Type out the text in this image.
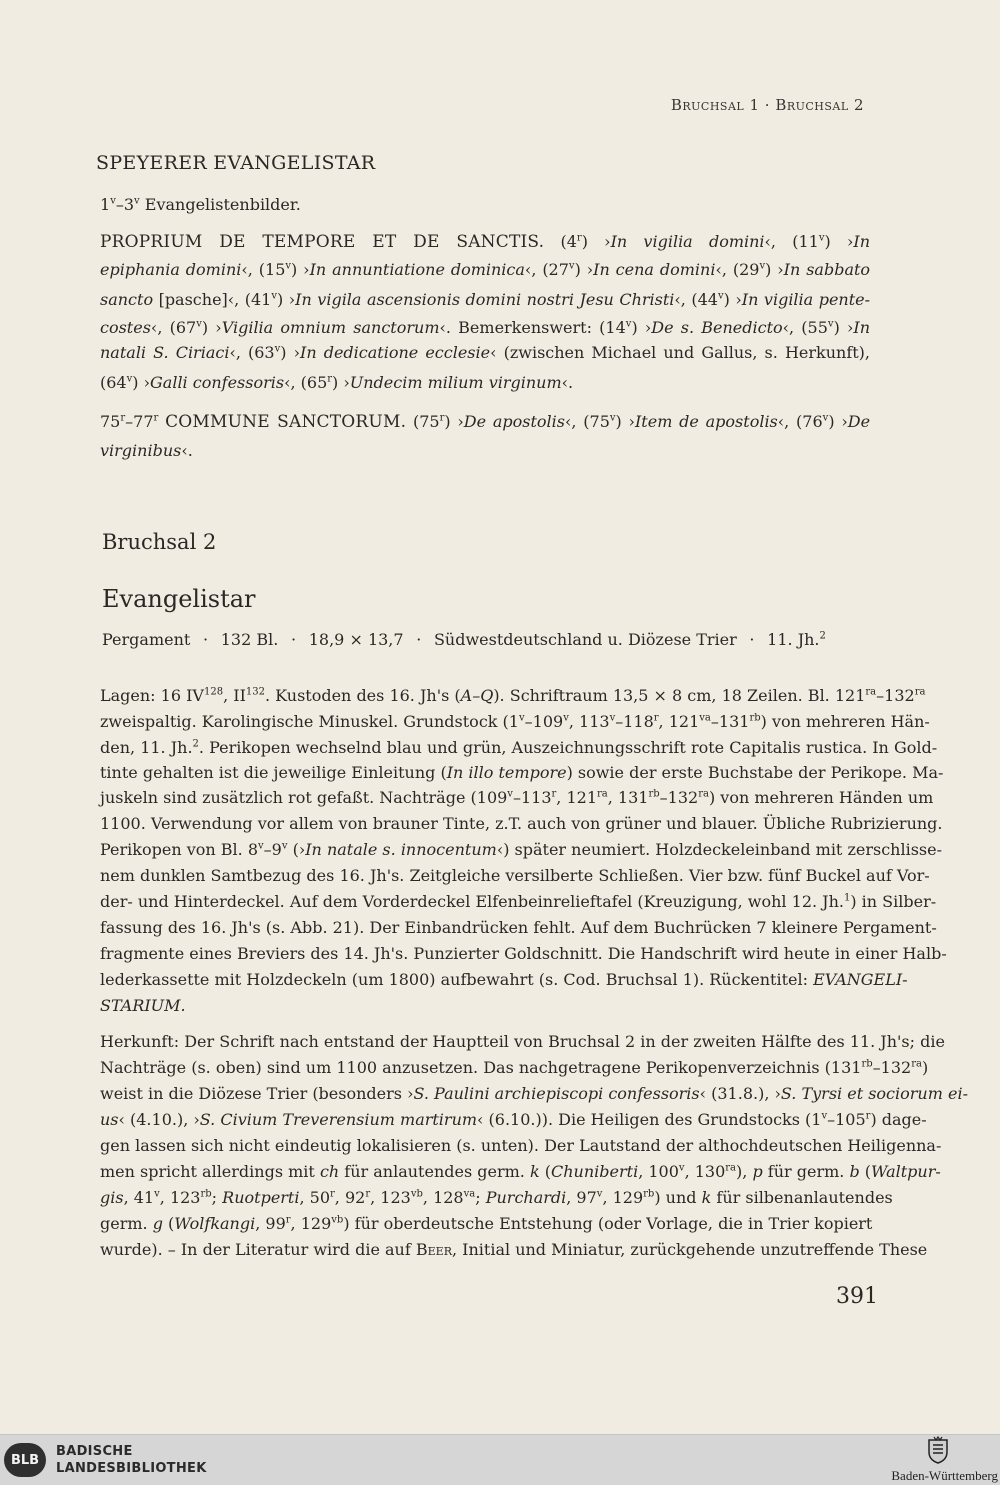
Bruchsal 1 · Bruchsal 2
SPEYERER EVANGELISTAR
1$^v$–3$^v$ Evangelistenbilder.
PROPRIUM DE TEMPORE ET DE SANCTIS. (4$^r$) ›In vigilia domini‹, (11$^v$) ›In
epiphania domini‹, (15$^v$) ›In annuntiatione dominica‹, (27$^v$) ›In cena domini‹, (29$^v$) ›In sabbato
sancto [pasche]‹, (41$^v$) ›In vigila ascensionis domini nostri Jesu Christi‹, (44$^v$) ›In vigilia pente-
costes‹, (67$^v$) ›Vigilia omnium sanctorum‹. Bemerkenswert: (14$^v$) ›De s. Benedicto‹, (55$^v$) ›In
natali S. Ciriaci‹, (63$^v$) ›In dedicatione ecclesie‹ (zwischen Michael und Gallus, s. Herkunft),
(64$^v$) ›Galli confessoris‹, (65$^r$) ›Undecim milium virginum‹.
75$^r$–77$^r$ COMMUNE SANCTORUM. (75$^r$) ›De apostolis‹, (75$^v$) ›Item de apostolis‹, (76$^v$) ›De
virginibus‹.
Bruchsal 2
Evangelistar
Pergament · 132 Bl. · 18,9 × 13,7 · Südwestdeutschland u. Diözese Trier · 11. Jh.$^2$
Lagen: 16 IV$^{128}$, II$^{132}$. Kustoden des 16. Jh's (A–Q). Schriftraum 13,5 × 8 cm, 18 Zeilen. Bl. $121^{ra}-132^{ra}$
zweispaltig. Karolingische Minuskel. Grundstock (1$^v$–109$^v$, 113$^v$–118$^r$, $121^{va}-131^{rb}$) von mehreren Hän-
den, 11. Jh.$^2$. Perikopen wechselnd blau und grün, Auszeichnungsschrift rote Capitalis rustica. In Gold-
tinte gehalten ist die jeweilige Einleitung (In illo tempore) sowie der erste Buchstabe der Perikope. Ma-
juskeln sind zusätzlich rot gefaßt. Nachträge (109$^v$–113$^r$, $121^{ra}$, $131^{rb}-132^{ra}$) von mehreren Händen um
1100. Verwendung vor allem von brauner Tinte, z.T. auch von grüner und blauer. Übliche Rubrizierung.
Perikopen von Bl. 8$^v$–9$^v$ (›In natale s. innocentum‹) später neumiert. Holzdeckeleinband mit zerschlisse-
nem dunklen Samtbezug des 16. Jh's. Zeitgleiche versilberte Schließen. Vier bzw. fünf Buckel auf Vor-
der- und Hinterdeckel. Auf dem Vorderdeckel Elfenbeinrelieftafel (Kreuzigung, wohl 12. Jh.$^1$) in Silber-
fassung des 16. Jh's (s. Abb. 21). Der Einbandrücken fehlt. Auf dem Buchrücken 7 kleinere Pergament-
fragmente eines Breviers des 14. Jh's. Punzierter Goldschnitt. Die Handschrift wird heute in einer Halb-
lederkassette mit Holzdeckeln (um 1800) aufbewahrt (s. Cod. Bruchsal 1). Rückentitel: EVANGELI-
STARIUM.
Herkunft: Der Schrift nach entstand der Hauptteil von Bruchsal 2 in der zweiten Hälfte des 11. Jh's; die
Nachträge (s. oben) sind um 1100 anzusetzen. Das nachgetragene Perikopenverzeichnis $(131^{rb}-132^{ra})$
weist in die Diözese Trier (besonders ›S. Paulini archiepiscopi confessoris‹ (31.8.), ›S. Tyrsi et sociorum ei-
us‹ (4.10.), ›S. Civium Treverensium martirum‹ (6.10.)). Die Heiligen des Grundstocks (1$^v$–105$^r$) dage-
gen lassen sich nicht eindeutig lokalisieren (s. unten). Der Lautstand der althochdeutschen Heiligenna-
men spricht allerdings mit ch für anlautendes germ. k (Chuniberti, 100$^v$, $130^{ra}$), p für germ. b (Waltpur-
gis, 41$^v$, $123^{rb}$; Ruotperti, 50$^r$, 92$^r$, $123^{vb}$, $128^{va}$; Purchardi, 97$^v$, $129^{rb}$) und k für silbenanlautendes
germ. g (Wolfkangi, 99$^r$, $129^{vb}$) für oberdeutsche Entstehung (oder Vorlage, die in Trier kopiert
wurde). – In der Literatur wird die auf Beer, Initial und Miniatur, zurückgehende unzutreffende These
391
BLB
BADISCHE
LANDESBIBLIOTHEK	Baden-Württemberg
